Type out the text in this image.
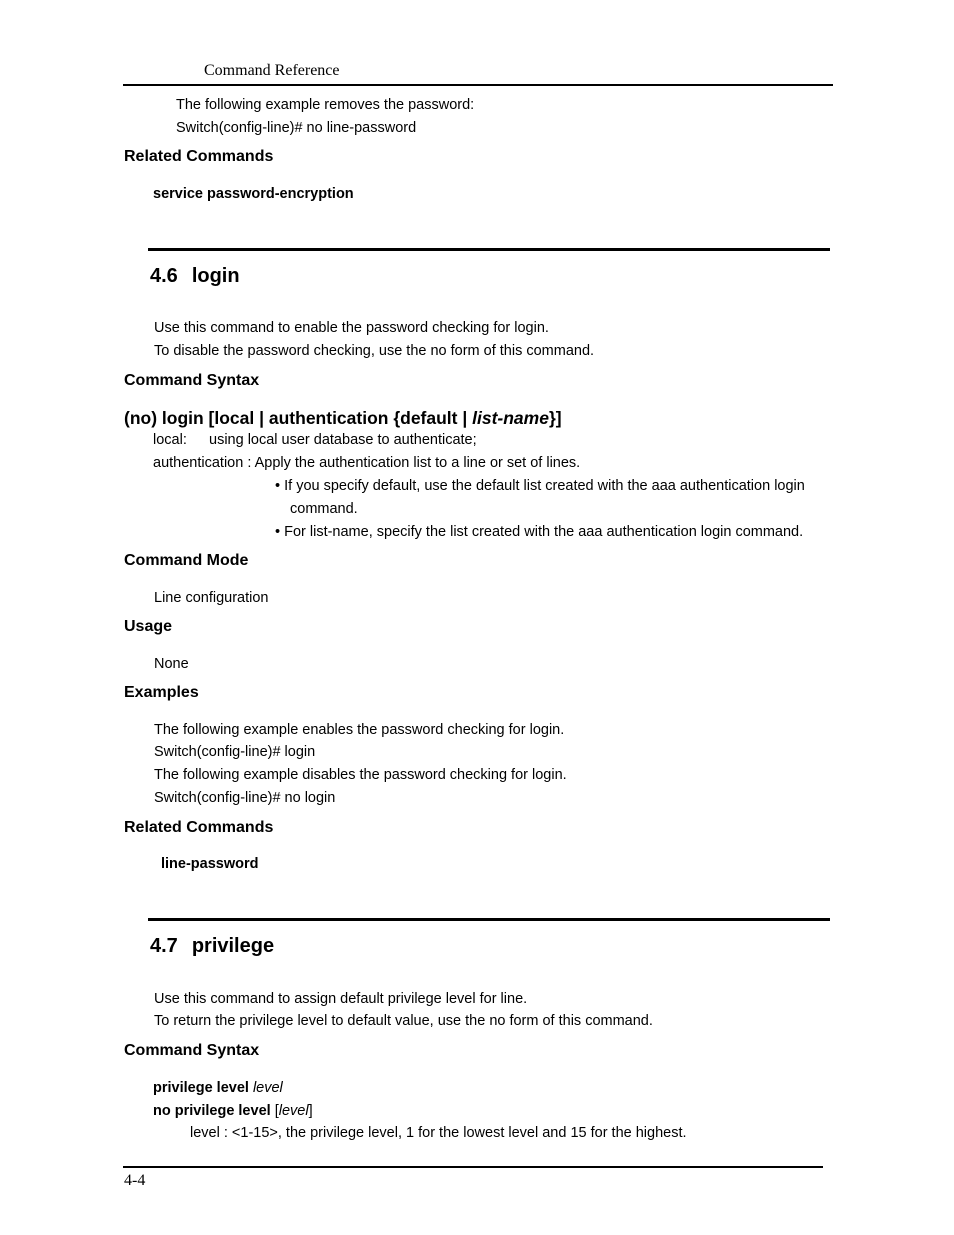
Command Reference
The following example removes the password:
Switch(config-line)# no line-password
Related Commands
service password-encryption
4.6 login
Use this command to enable the password checking for login.
To disable the password checking, use the no form of this command.
Command Syntax
(no) login [local | authentication {default | list-name}]
local: using local user database to authenticate;
authentication : Apply the authentication list to a line or set of lines.
• If you specify default, use the default list created with the aaa authentication login
command.
• For list-name, specify the list created with the aaa authentication login command.
Command Mode
Line configuration
Usage
None
Examples
The following example enables the password checking for login.
Switch(config-line)# login
The following example disables the password checking for login.
Switch(config-line)# no login
Related Commands
line-password
4.7 privilege
Use this command to assign default privilege level for line.
To return the privilege level to default value, use the no form of this command.
Command Syntax
privilege level level
no privilege level [level]
level : <1-15>, the privilege level, 1 for the lowest level and 15 for the highest.
4-4
